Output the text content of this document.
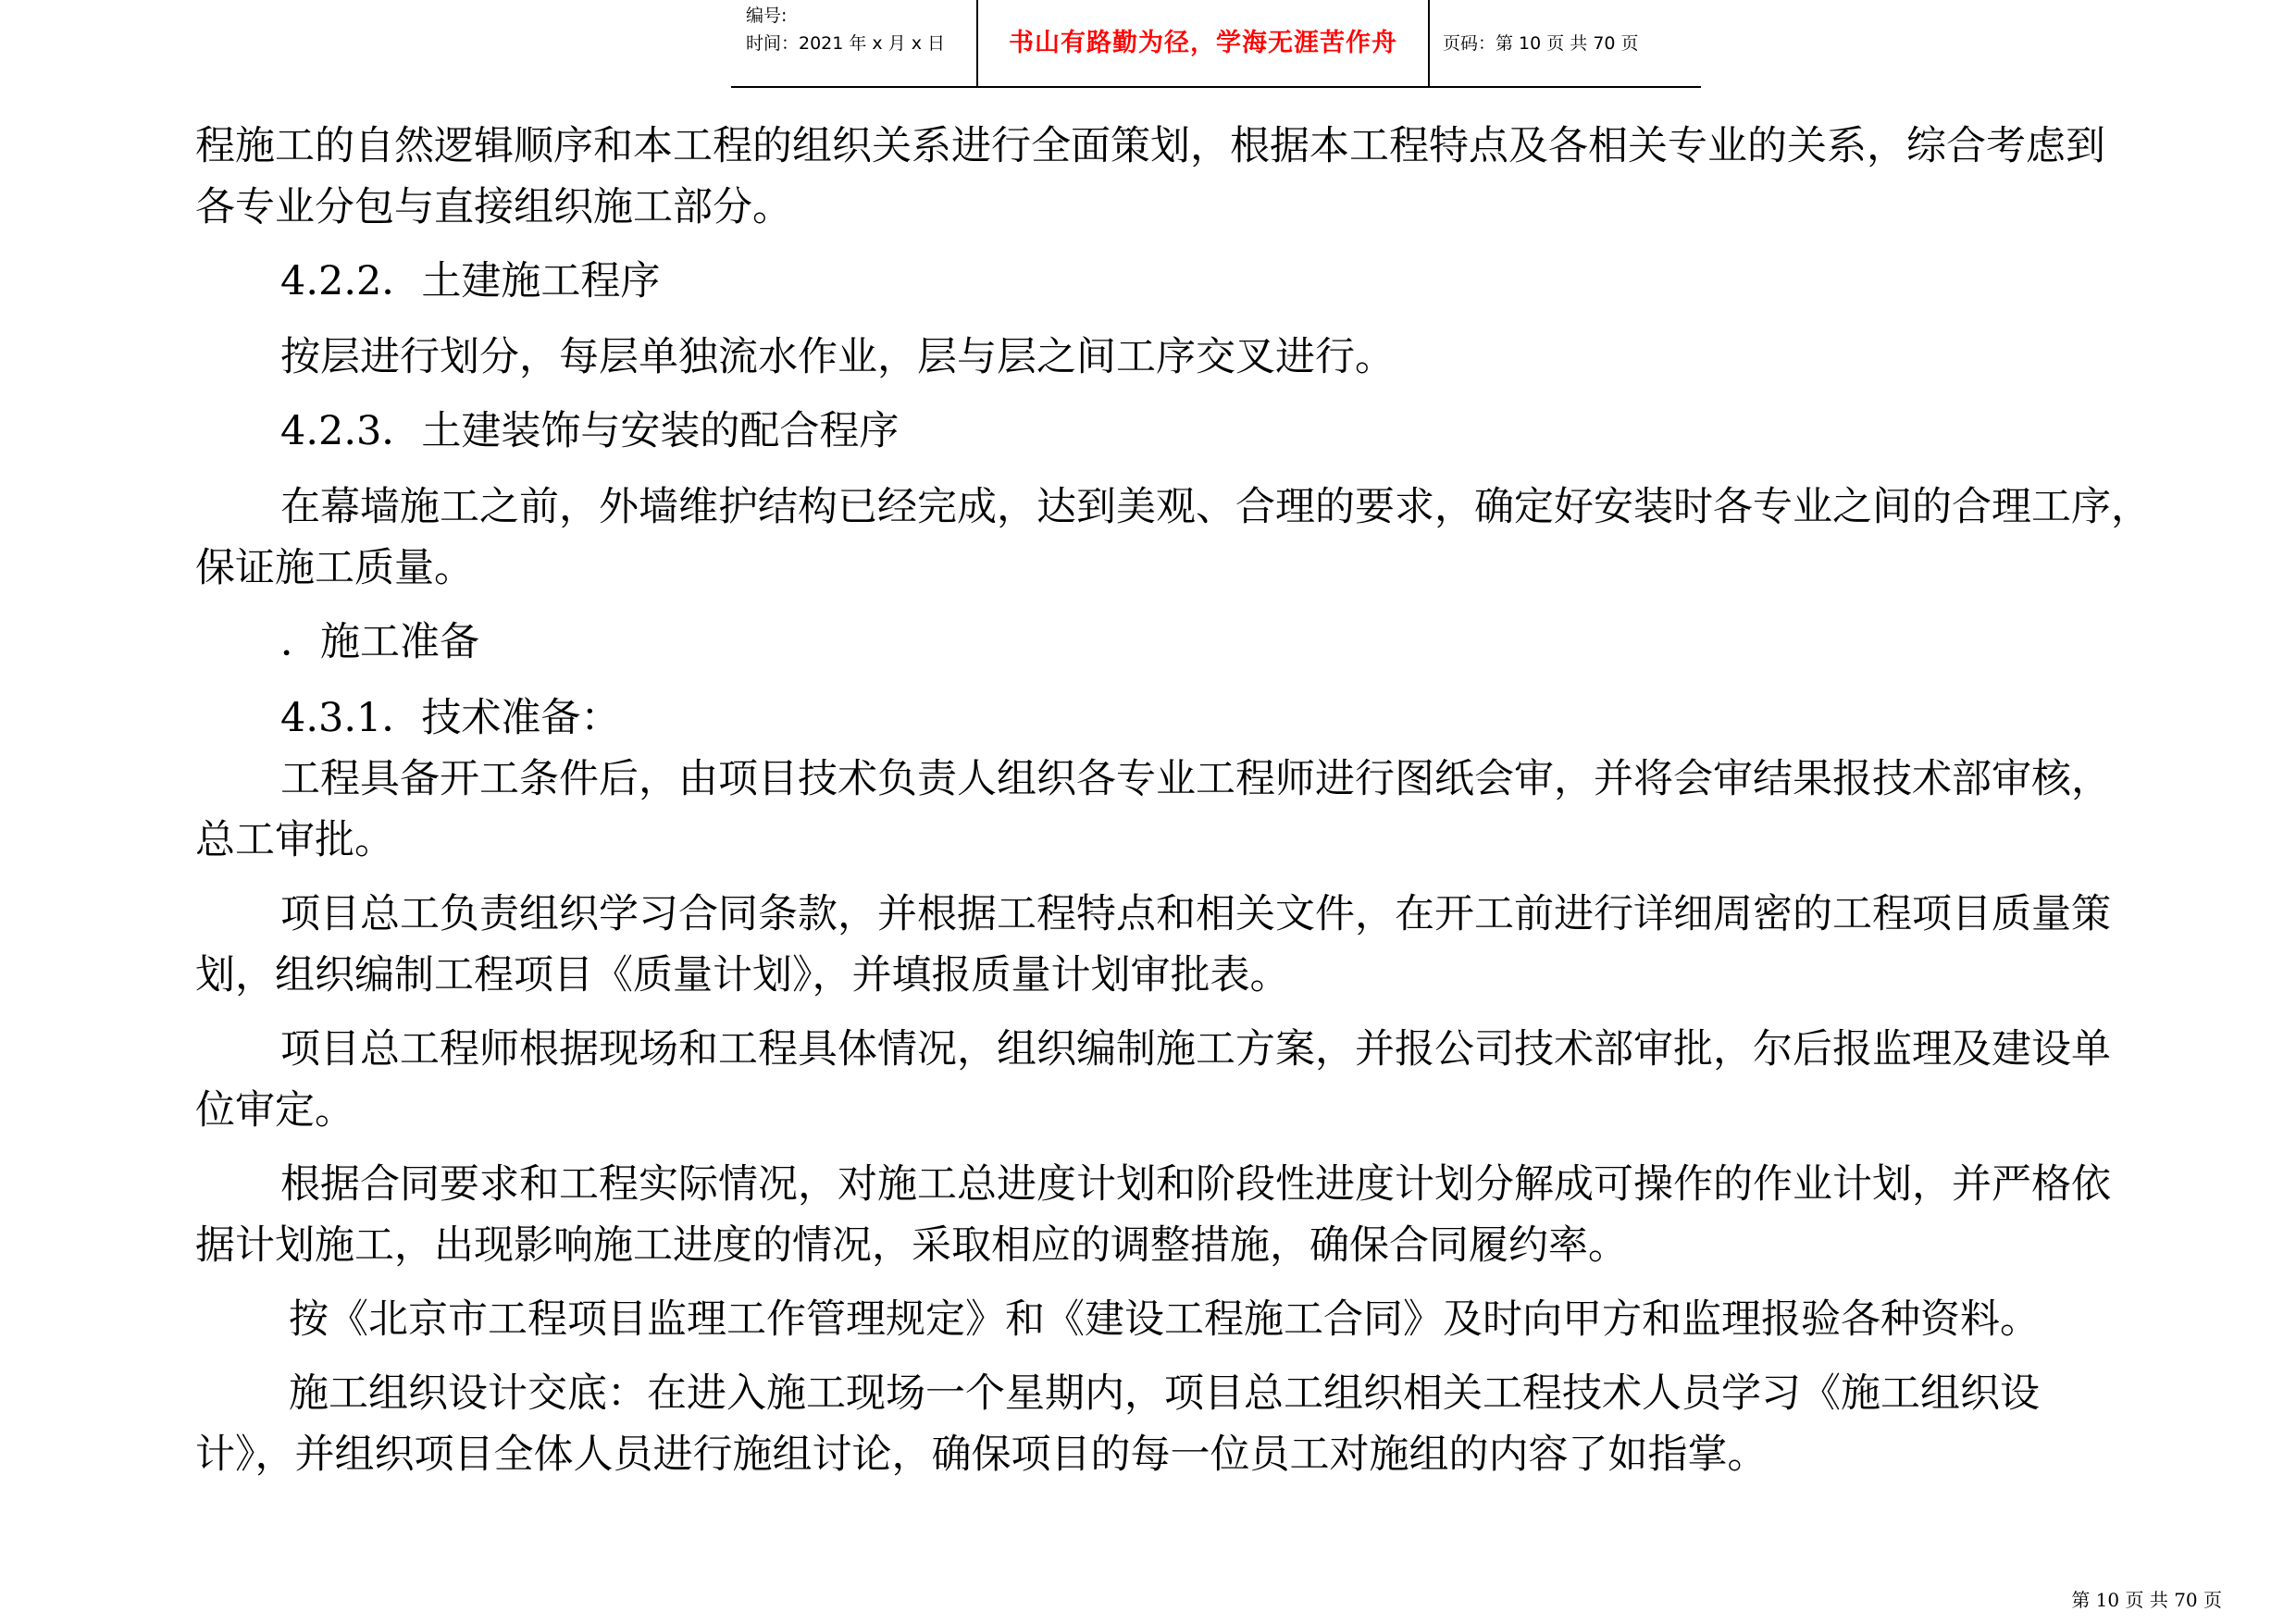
编号:
时间：2021 年 x 月 x 日	书山有路勤为径，学海无涯苦作舟	页码：第 10 页 共 70 页
程施工的自然逻辑顺序和本工程的组织关系进行全面策划，根据本工程特点及各相关专业的关系，综合考虑到
各专业分包与直接组织施工部分。
4.2.2．土建施工程序
按层进行划分，每层单独流水作业，层与层之间工序交叉进行。
4.2.3．土建装饰与安装的配合程序
在幕墙施工之前，外墙维护结构已经完成，达到美观、合理的要求，确定好安装时各专业之间的合理工序，
保证施工质量。
．施工准备
4.3.1．技术准备：
工程具备开工条件后，由项目技术负责人组织各专业工程师进行图纸会审，并将会审结果报技术部审核，
总工审批。
项目总工负责组织学习合同条款，并根据工程特点和相关文件，在开工前进行详细周密的工程项目质量策
划，组织编制工程项目《质量计划》，并填报质量计划审批表。
项目总工程师根据现场和工程具体情况，组织编制施工方案，并报公司技术部审批，尔后报监理及建设单
位审定。
根据合同要求和工程实际情况，对施工总进度计划和阶段性进度计划分解成可操作的作业计划，并严格依
据计划施工，出现影响施工进度的情况，采取相应的调整措施，确保合同履约率。
按《北京市工程项目监理工作管理规定》和《建设工程施工合同》及时向甲方和监理报验各种资料。
施工组织设计交底：在进入施工现场一个星期内，项目总工组织相关工程技术人员学习《施工组织设
计》，并组织项目全体人员进行施组讨论，确保项目的每一位员工对施组的内容了如指掌。
第 10 页 共 70 页
